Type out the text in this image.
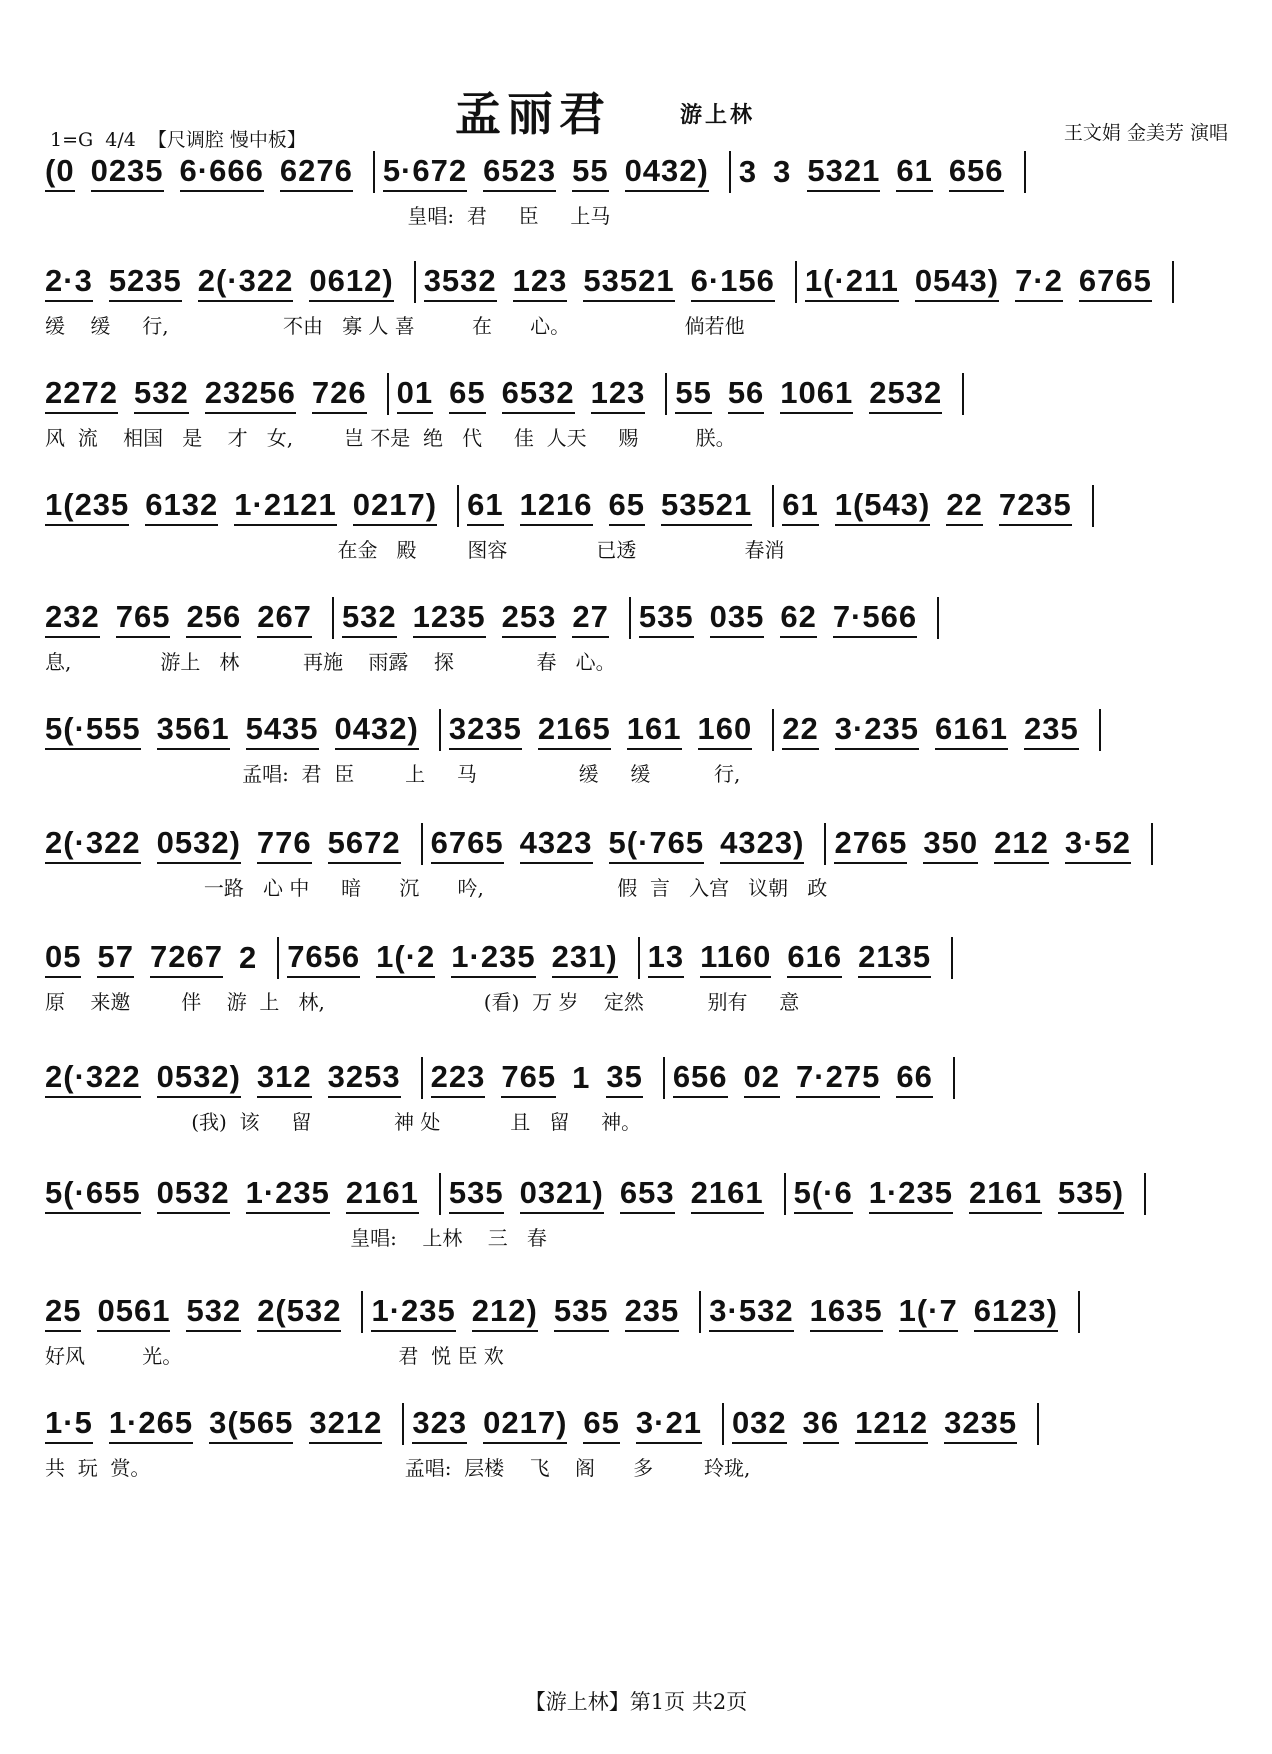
孟丽君	游上林
1=G 4/4 【尺调腔 慢中板】	王文娟 金美芳 演唱
(0 0235 6·666 6276 5·672 6523 55 0432) 3 3 5321 61 656
皇唱:  君     臣     上马
2·3 5235 2(·322 0612) 3532 123 53521 6·156 1(·211 0543) 7·2 6765
缓    缓     行,                  不由   寡 人 喜         在      心。                  倘若他
2272 532 23256 726 01 65 6532 123 55 56 1061 2532
风  流    相国   是    才   女,        岂 不是  绝   代     佳  人天     赐         朕。
1(235 6132 1·2121 0217) 61 1216 65 53521 61 1(543) 22 7235
在金   殿        图容              已透                 春消
232 765 256 267 532 1235 253 27 535 035 62 7·566
息,              游上   林          再施    雨露    探             春   心。
5(·555 3561 5435 0432) 3235 2165 161 160 22 3·235 6161 235
孟唱:  君  臣        上     马                缓     缓          行,
2(·322 0532) 776 5672 6765 4323 5(·765 4323) 2765 350 212 3·52
一路   心 中     暗      沉      吟,                     假  言   入宫   议朝   政
05 57 7267 2 7656 1(·2 1·235 231) 13 1160 616 2135
原    来邀        伴    游  上   林,                         (看)  万 岁    定然          别有     意
2(·322 0532) 312 3253 223 765 1 35 656 02 7·275 66
(我)  该     留             神 处           且   留     神。
5(·655 0532 1·235 2161 535 0321) 653 2161 5(·6 1·235 2161 535)
皇唱:    上林    三   春
25 0561 532 2(532 1·235 212) 535 235 3·532 1635 1(·7 6123)
好风         光。                                  君  悦 臣 欢
1·5 1·265 3(565 3212 323 0217) 65 3·21 032 36 1212 3235
共  玩  赏。                                        孟唱:  层楼    飞    阁      多        玲珑,
【游上林】第1页 共2页
